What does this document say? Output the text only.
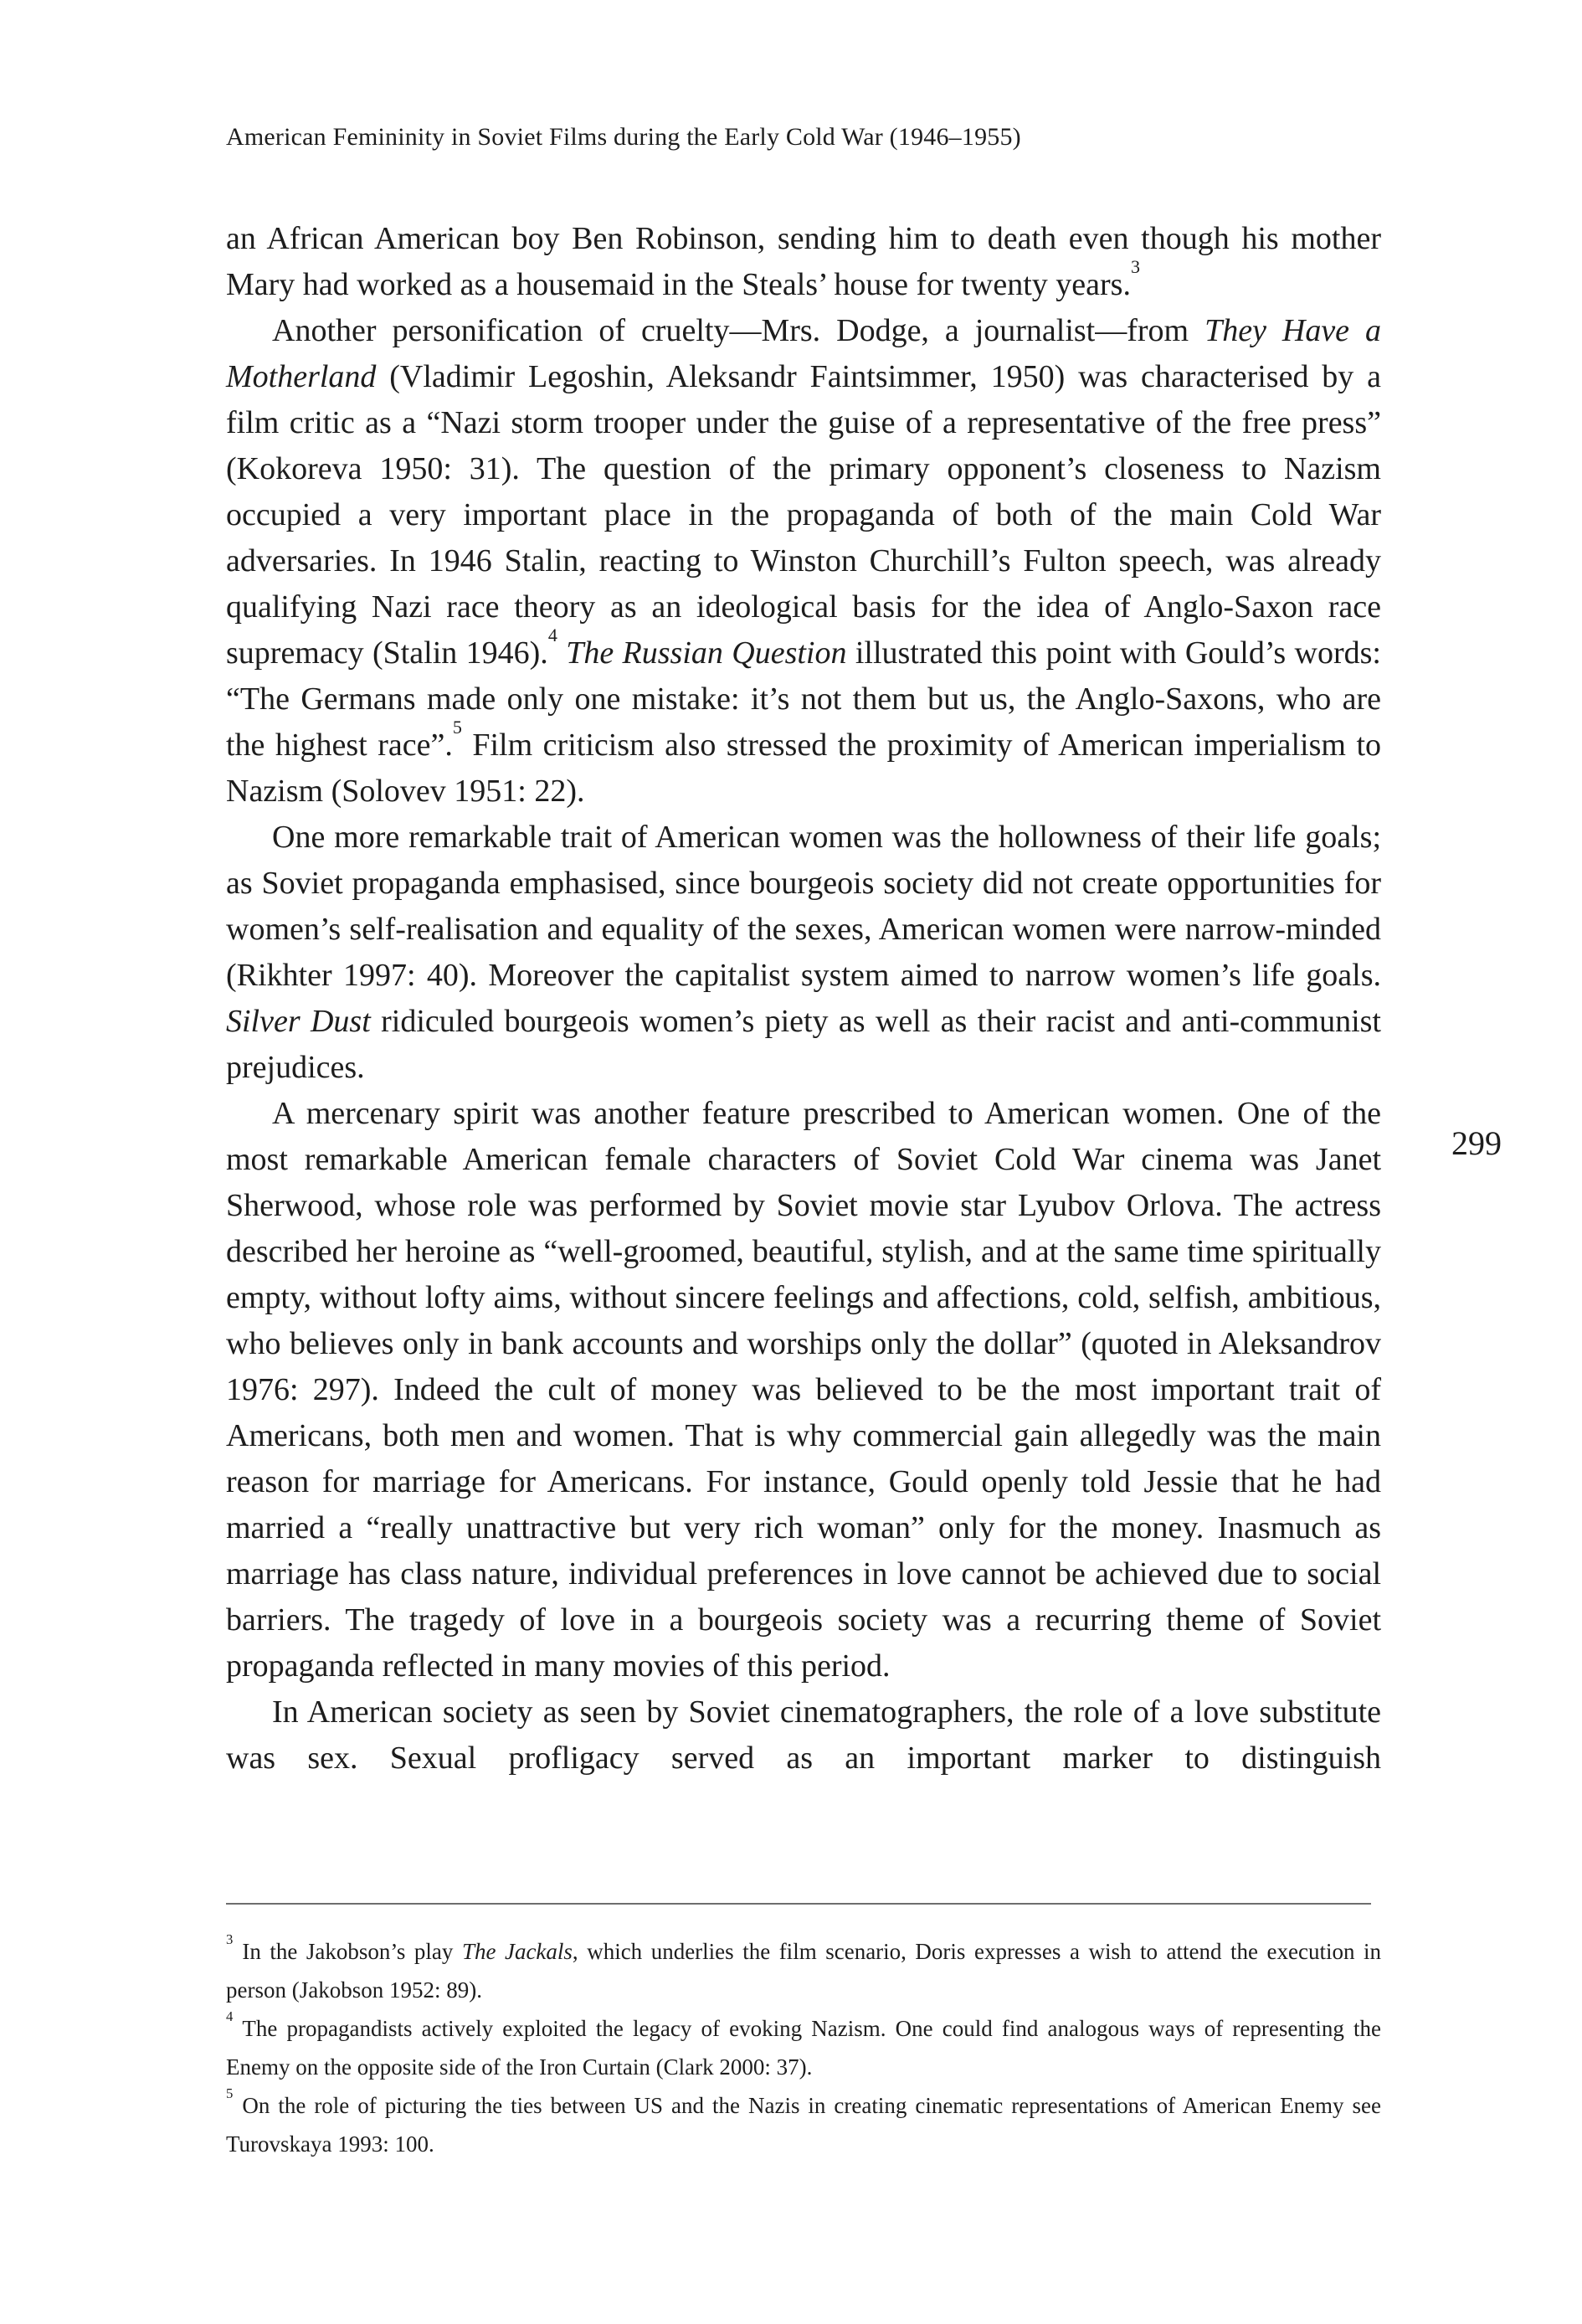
American Femininity in Soviet Films during the Early Cold War (1946–1955)
299

an African American boy Ben Robinson, sending him to death even though his mother Mary had worked as a housemaid in the Steals’ house for twenty years.$^3$

Another personification of cruelty—Mrs. Dodge, a journalist—from They Have a Motherland (Vladimir Legoshin, Aleksandr Faintsimmer, 1950) was characterised by a film critic as a “Nazi storm trooper under the guise of a representative of the free press” (Kokoreva 1950: 31). The question of the primary opponent’s closeness to Nazism occupied a very important place in the propaganda of both of the main Cold War adversaries. In 1946 Stalin, reacting to Winston Churchill’s Fulton speech, was already qualifying Nazi race theory as an ideological basis for the idea of Anglo-Saxon race supremacy (Stalin 1946).$^4$ The Russian Question illustrated this point with Gould’s words: “The Germans made only one mistake: it’s not them but us, the Anglo-Saxons, who are the highest race”.$^5$ Film criticism also stressed the proximity of American imperialism to Nazism (Solovev 1951: 22).

One more remarkable trait of American women was the hollowness of their life goals; as Soviet propaganda emphasised, since bourgeois society did not create opportunities for women’s self-realisation and equality of the sexes, American women were narrow-minded (Rikhter 1997: 40). Moreover the capitalist system aimed to narrow women’s life goals. Silver Dust ridiculed bourgeois women’s piety as well as their racist and anti-communist prejudices.

A mercenary spirit was another feature prescribed to American women. One of the most remarkable American female characters of Soviet Cold War cinema was Janet Sherwood, whose role was performed by Soviet movie star Lyubov Orlova. The actress described her heroine as “well-groomed, beautiful, stylish, and at the same time spiritually empty, without lofty aims, without sincere feelings and affections, cold, selfish, ambitious, who believes only in bank accounts and worships only the dollar” (quoted in Aleksandrov 1976: 297). Indeed the cult of money was believed to be the most important trait of Americans, both men and women. That is why commercial gain allegedly was the main reason for marriage for Americans. For instance, Gould openly told Jessie that he had married a “really unattractive but very rich woman” only for the money. Inasmuch as marriage has class nature, individual preferences in love cannot be achieved due to social barriers. The tragedy of love in a bourgeois society was a recurring theme of Soviet propaganda reflected in many movies of this period.

In American society as seen by Soviet cinematographers, the role of a love substitute was sex. Sexual profligacy served as an important marker to distinguish

$^3$ In the Jakobson’s play The Jackals, which underlies the film scenario, Doris expresses a wish to attend the execution in person (Jakobson 1952: 89).

$^4$ The propagandists actively exploited the legacy of evoking Nazism. One could find analogous ways of representing the Enemy on the opposite side of the Iron Curtain (Clark 2000: 37).

$^5$ On the role of picturing the ties between US and the Nazis in creating cinematic representations of American Enemy see Turovskaya 1993: 100.
